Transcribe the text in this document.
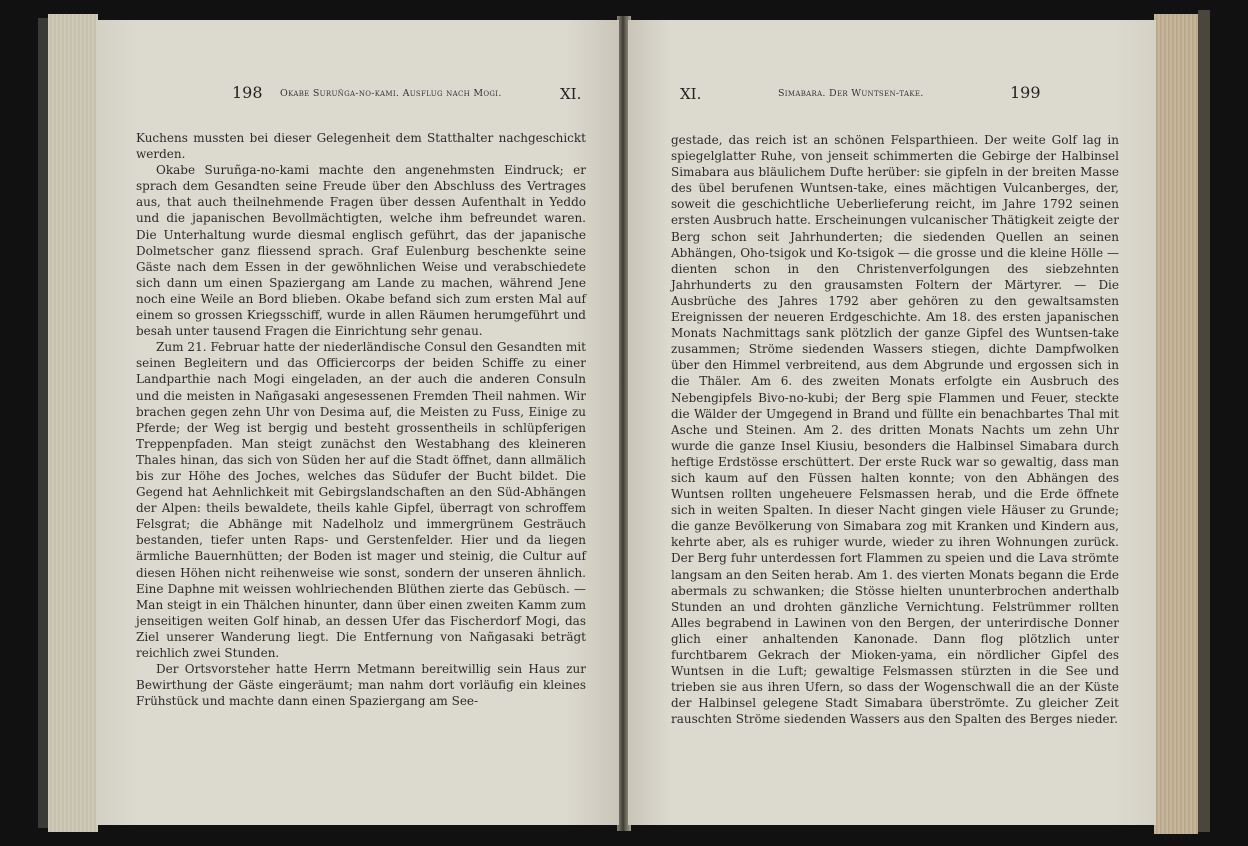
198 Okabe Suruñga-no-kami. Ausflug nach Mogi.	XI.

Kuchens mussten bei dieser Gelegenheit dem Statthalter nachgeschickt werden.

Okabe Suruñga-no-kami machte den angenehmsten Eindruck; er sprach dem Gesandten seine Freude über den Abschluss des Vertrages aus, that auch theilnehmende Fragen über dessen Aufenthalt in Yeddo und die japanischen Bevollmächtigten, welche ihm befreundet waren. Die Unterhaltung wurde diesmal englisch geführt, das der japanische Dolmetscher ganz fliessend sprach. Graf Eulenburg beschenkte seine Gäste nach dem Essen in der gewöhnlichen Weise und verabschiedete sich dann um einen Spaziergang am Lande zu machen, während Jene noch eine Weile an Bord blieben. Okabe befand sich zum ersten Mal auf einem so grossen Kriegsschiff, wurde in allen Räumen herumgeführt und besah unter tausend Fragen die Einrichtung sehr genau.

Zum 21. Februar hatte der niederländische Consul den Gesandten mit seinen Begleitern und das Officiercorps der beiden Schiffe zu einer Landparthie nach Mogi eingeladen, an der auch die anderen Consuln und die meisten in Nañgasaki angesessenen Fremden Theil nahmen. Wir brachen gegen zehn Uhr von Desima auf, die Meisten zu Fuss, Einige zu Pferde; der Weg ist bergig und besteht grossentheils in schlüpferigen Treppenpfaden. Man steigt zunächst den Westabhang des kleineren Thales hinan, das sich von Süden her auf die Stadt öffnet, dann allmälich bis zur Höhe des Joches, welches das Südufer der Bucht bildet. Die Gegend hat Aehnlichkeit mit Gebirgslandschaften an den Süd-Abhängen der Alpen: theils bewaldete, theils kahle Gipfel, überragt von schroffem Felsgrat; die Abhänge mit Nadelholz und immergrünem Gesträuch bestanden, tiefer unten Raps- und Gerstenfelder. Hier und da liegen ärmliche Bauernhütten; der Boden ist mager und steinig, die Cultur auf diesen Höhen nicht reihenweise wie sonst, sondern der unseren ähnlich. Eine Daphne mit weissen wohlriechenden Blüthen zierte das Gebüsch. — Man steigt in ein Thälchen hinunter, dann über einen zweiten Kamm zum jenseitigen weiten Golf hinab, an dessen Ufer das Fischerdorf Mogi, das Ziel unserer Wanderung liegt. Die Entfernung von Nañgasaki beträgt reichlich zwei Stunden.

Der Ortsvorsteher hatte Herrn Metmann bereitwillig sein Haus zur Bewirthung der Gäste eingeräumt; man nahm dort vorläufig ein kleines Frühstück und machte dann einen Spaziergang am See-

XI.	Simabara. Der Wuntsen-take.	199

gestade, das reich ist an schönen Felsparthieen. Der weite Golf lag in spiegelglatter Ruhe, von jenseit schimmerten die Gebirge der Halbinsel Simabara aus bläulichem Dufte herüber: sie gipfeln in der breiten Masse des übel berufenen Wuntsen-take, eines mächtigen Vulcanberges, der, soweit die geschichtliche Ueberlieferung reicht, im Jahre 1792 seinen ersten Ausbruch hatte. Erscheinungen vulcanischer Thätigkeit zeigte der Berg schon seit Jahrhunderten; die siedenden Quellen an seinen Abhängen, Oho-tsigok und Ko-tsigok — die grosse und die kleine Hölle — dienten schon in den Christenverfolgungen des siebzehnten Jahrhunderts zu den grausamsten Foltern der Märtyrer. — Die Ausbrüche des Jahres 1792 aber gehören zu den gewaltsamsten Ereignissen der neueren Erdgeschichte. Am 18. des ersten japanischen Monats Nachmittags sank plötzlich der ganze Gipfel des Wuntsen-take zusammen; Ströme siedenden Wassers stiegen, dichte Dampfwolken über den Himmel verbreitend, aus dem Abgrunde und ergossen sich in die Thäler. Am 6. des zweiten Monats erfolgte ein Ausbruch des Nebengipfels Bivo-no-kubi; der Berg spie Flammen und Feuer, steckte die Wälder der Umgegend in Brand und füllte ein benachbartes Thal mit Asche und Steinen. Am 2. des dritten Monats Nachts um zehn Uhr wurde die ganze Insel Kiusiu, besonders die Halbinsel Simabara durch heftige Erdstösse erschüttert. Der erste Ruck war so gewaltig, dass man sich kaum auf den Füssen halten konnte; von den Abhängen des Wuntsen rollten ungeheuere Felsmassen herab, und die Erde öffnete sich in weiten Spalten. In dieser Nacht gingen viele Häuser zu Grunde; die ganze Bevölkerung von Simabara zog mit Kranken und Kindern aus, kehrte aber, als es ruhiger wurde, wieder zu ihren Wohnungen zurück. Der Berg fuhr unterdessen fort Flammen zu speien und die Lava strömte langsam an den Seiten herab. Am 1. des vierten Monats begann die Erde abermals zu schwanken; die Stösse hielten ununterbrochen anderthalb Stunden an und drohten gänzliche Vernichtung. Felstrümmer rollten Alles begrabend in Lawinen von den Bergen, der unterirdische Donner glich einer anhaltenden Kanonade. Dann flog plötzlich unter furchtbarem Gekrach der Mioken-yama, ein nördlicher Gipfel des Wuntsen in die Luft; gewaltige Felsmassen stürzten in die See und trieben sie aus ihren Ufern, so dass der Wogenschwall die an der Küste der Halbinsel gelegene Stadt Simabara überströmte. Zu gleicher Zeit rauschten Ströme siedenden Wassers aus den Spalten des Berges nieder.
